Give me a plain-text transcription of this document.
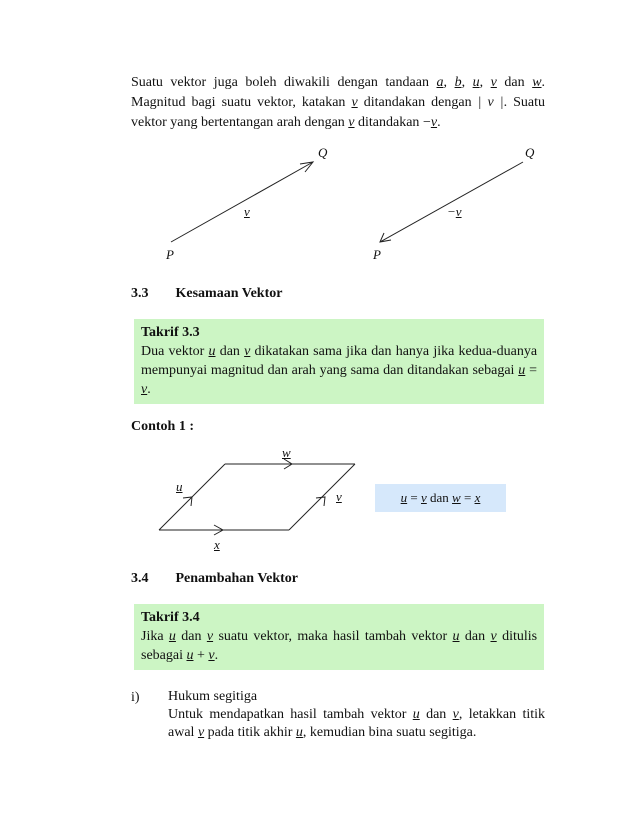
Suatu vektor juga boleh diwakili dengan tandaan a, b, u, v dan w. Magnitud bagi suatu vektor, katakan v ditandakan dengan | v |. Suatu vektor yang bertentangan arah dengan v ditandakan −v.
Q
v
P
Q
−v
P
3.3 Kesamaan Vektor
Takrif 3.3
Dua vektor u dan v dikatakan sama jika dan hanya jika kedua-duanya mempunyai magnitud dan arah yang sama dan ditandakan sebagai u = v.
Contoh 1 :
w
u
v
x
u = v dan w = x
3.4 Penambahan Vektor
Takrif 3.4
Jika u dan v suatu vektor, maka hasil tambah vektor u dan v ditulis sebagai u + v.
i)	Hukum segitiga
Untuk mendapatkan hasil tambah vektor u dan v, letakkan titik awal v pada titik akhir u, kemudian bina suatu segitiga.
